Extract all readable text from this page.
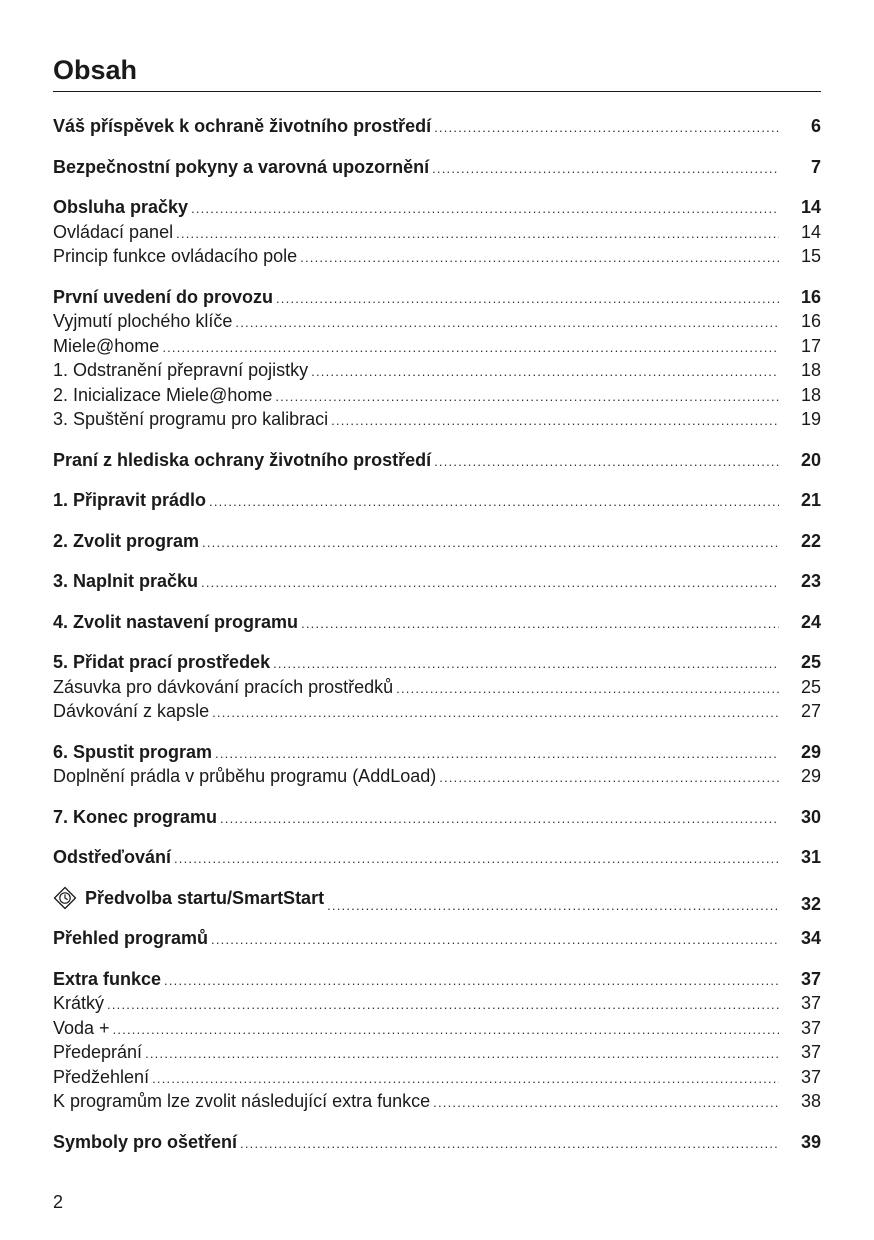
Obsah
Váš příspěvek k ochraně životního prostředí .....	6
Bezpečnostní pokyny a varovná upozornění .....	7
Obsluha pračky .....	14
Ovládací panel .....	14
Princip funkce ovládacího pole .....	15
První uvedení do provozu .....	16
Vyjmutí plochého klíče .....	16
Miele@home .....	17
1. Odstranění přepravní pojistky .....	18
2. Inicializace Miele@home .....	18
3. Spuštění programu pro kalibraci .....	19
Praní z hlediska ochrany životního prostředí .....	20
1. Připravit prádlo .....	21
2. Zvolit program .....	22
3. Naplnit pračku .....	23
4. Zvolit nastavení programu .....	24
5. Přidat prací prostředek .....	25
Zásuvka pro dávkování pracích prostředků .....	25
Dávkování z kapsle .....	27
6. Spustit program .....	29
Doplnění prádla v průběhu programu (AddLoad) .....	29
7. Konec programu .....	30
Odstřeďování .....	31
Předvolba startu/SmartStart .....	32
Přehled programů .....	34
Extra funkce .....	37
Krátký .....	37
Voda + .....	37
Předeprání .....	37
Předžehlení .....	37
K programům lze zvolit následující extra funkce .....	38
Symboly pro ošetření .....	39
2
